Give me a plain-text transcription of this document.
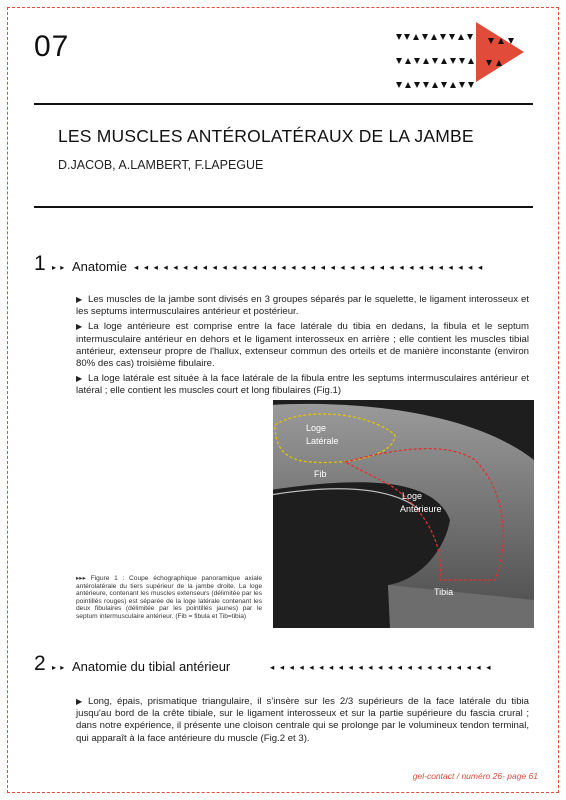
07
LES MUSCLES ANTÉROLATÉRAUX DE LA JAMBE
D.JACOB, A.LAMBERT, F.LAPEGUE
1 ▸ ▸ Anatomie ◂ ◂ ◂ ◂ ◂ ◂ ◂ ◂ ◂ ◂ ◂ ◂ ◂ ◂ ◂ ◂ ◂ ◂ ◂ ◂ ◂ ◂ ◂ ◂ ◂ ◂ ◂ ◂ ◂ ◂ ◂ ◂ ◂ ◂ ◂ ◂

▶ Les muscles de la jambe sont divisés en 3 groupes séparés par le squelette, le ligament interosseux et les septums intermusculaires antérieur et postérieur.

▶ La loge antérieure est comprise entre la face latérale du tibia en dedans, la fibula et le septum intermusculaire antérieur en dehors et le ligament interosseux en arrière ; elle contient les muscles tibial antérieur, extenseur propre de l'hallux, extenseur commun des orteils et de manière inconstante (environ 80% des cas) troisième fibulaire.

▶ La loge latérale est située à la face latérale de la fibula entre les septums intermusculaires antérieur et latéral ; elle contient les muscles court et long fibulaires (Fig.1)

Loge
Latérale
Fib
Loge
Antérieure
Tibia
▸▸▸ Figure 1 : Coupe échographique panoramique axiale antérolatérale du tiers supérieur de la jambe droite. La loge antérieure, contenant les muscles extenseurs (délimitée par les pointillés rouges) est séparée de la loge latérale contenant les deux fibulaires (délimitée par les pointillés jaunes) par le septum intermusculaire antérieur. (Fib = fibula et Tib=tibia)
2 ▸ ▸ Anatomie du tibial antérieur	◂ ◂ ◂ ◂ ◂ ◂ ◂ ◂ ◂ ◂ ◂ ◂ ◂ ◂ ◂ ◂ ◂ ◂ ◂ ◂ ◂ ◂ ◂

▶ Long, épais, prismatique triangulaire, il s'insère sur les 2/3 supérieurs de la face latérale du tibia jusqu'au bord de la crête tibiale, sur le ligament interosseux et sur la partie supérieure du fascia crural ; dans notre expérience, il présente une cloison centrale qui se prolonge par le volumineux tendon terminal, qui apparaît à la face antérieure du muscle (Fig.2 et 3).

gel-contact / numéro 26- page 61
